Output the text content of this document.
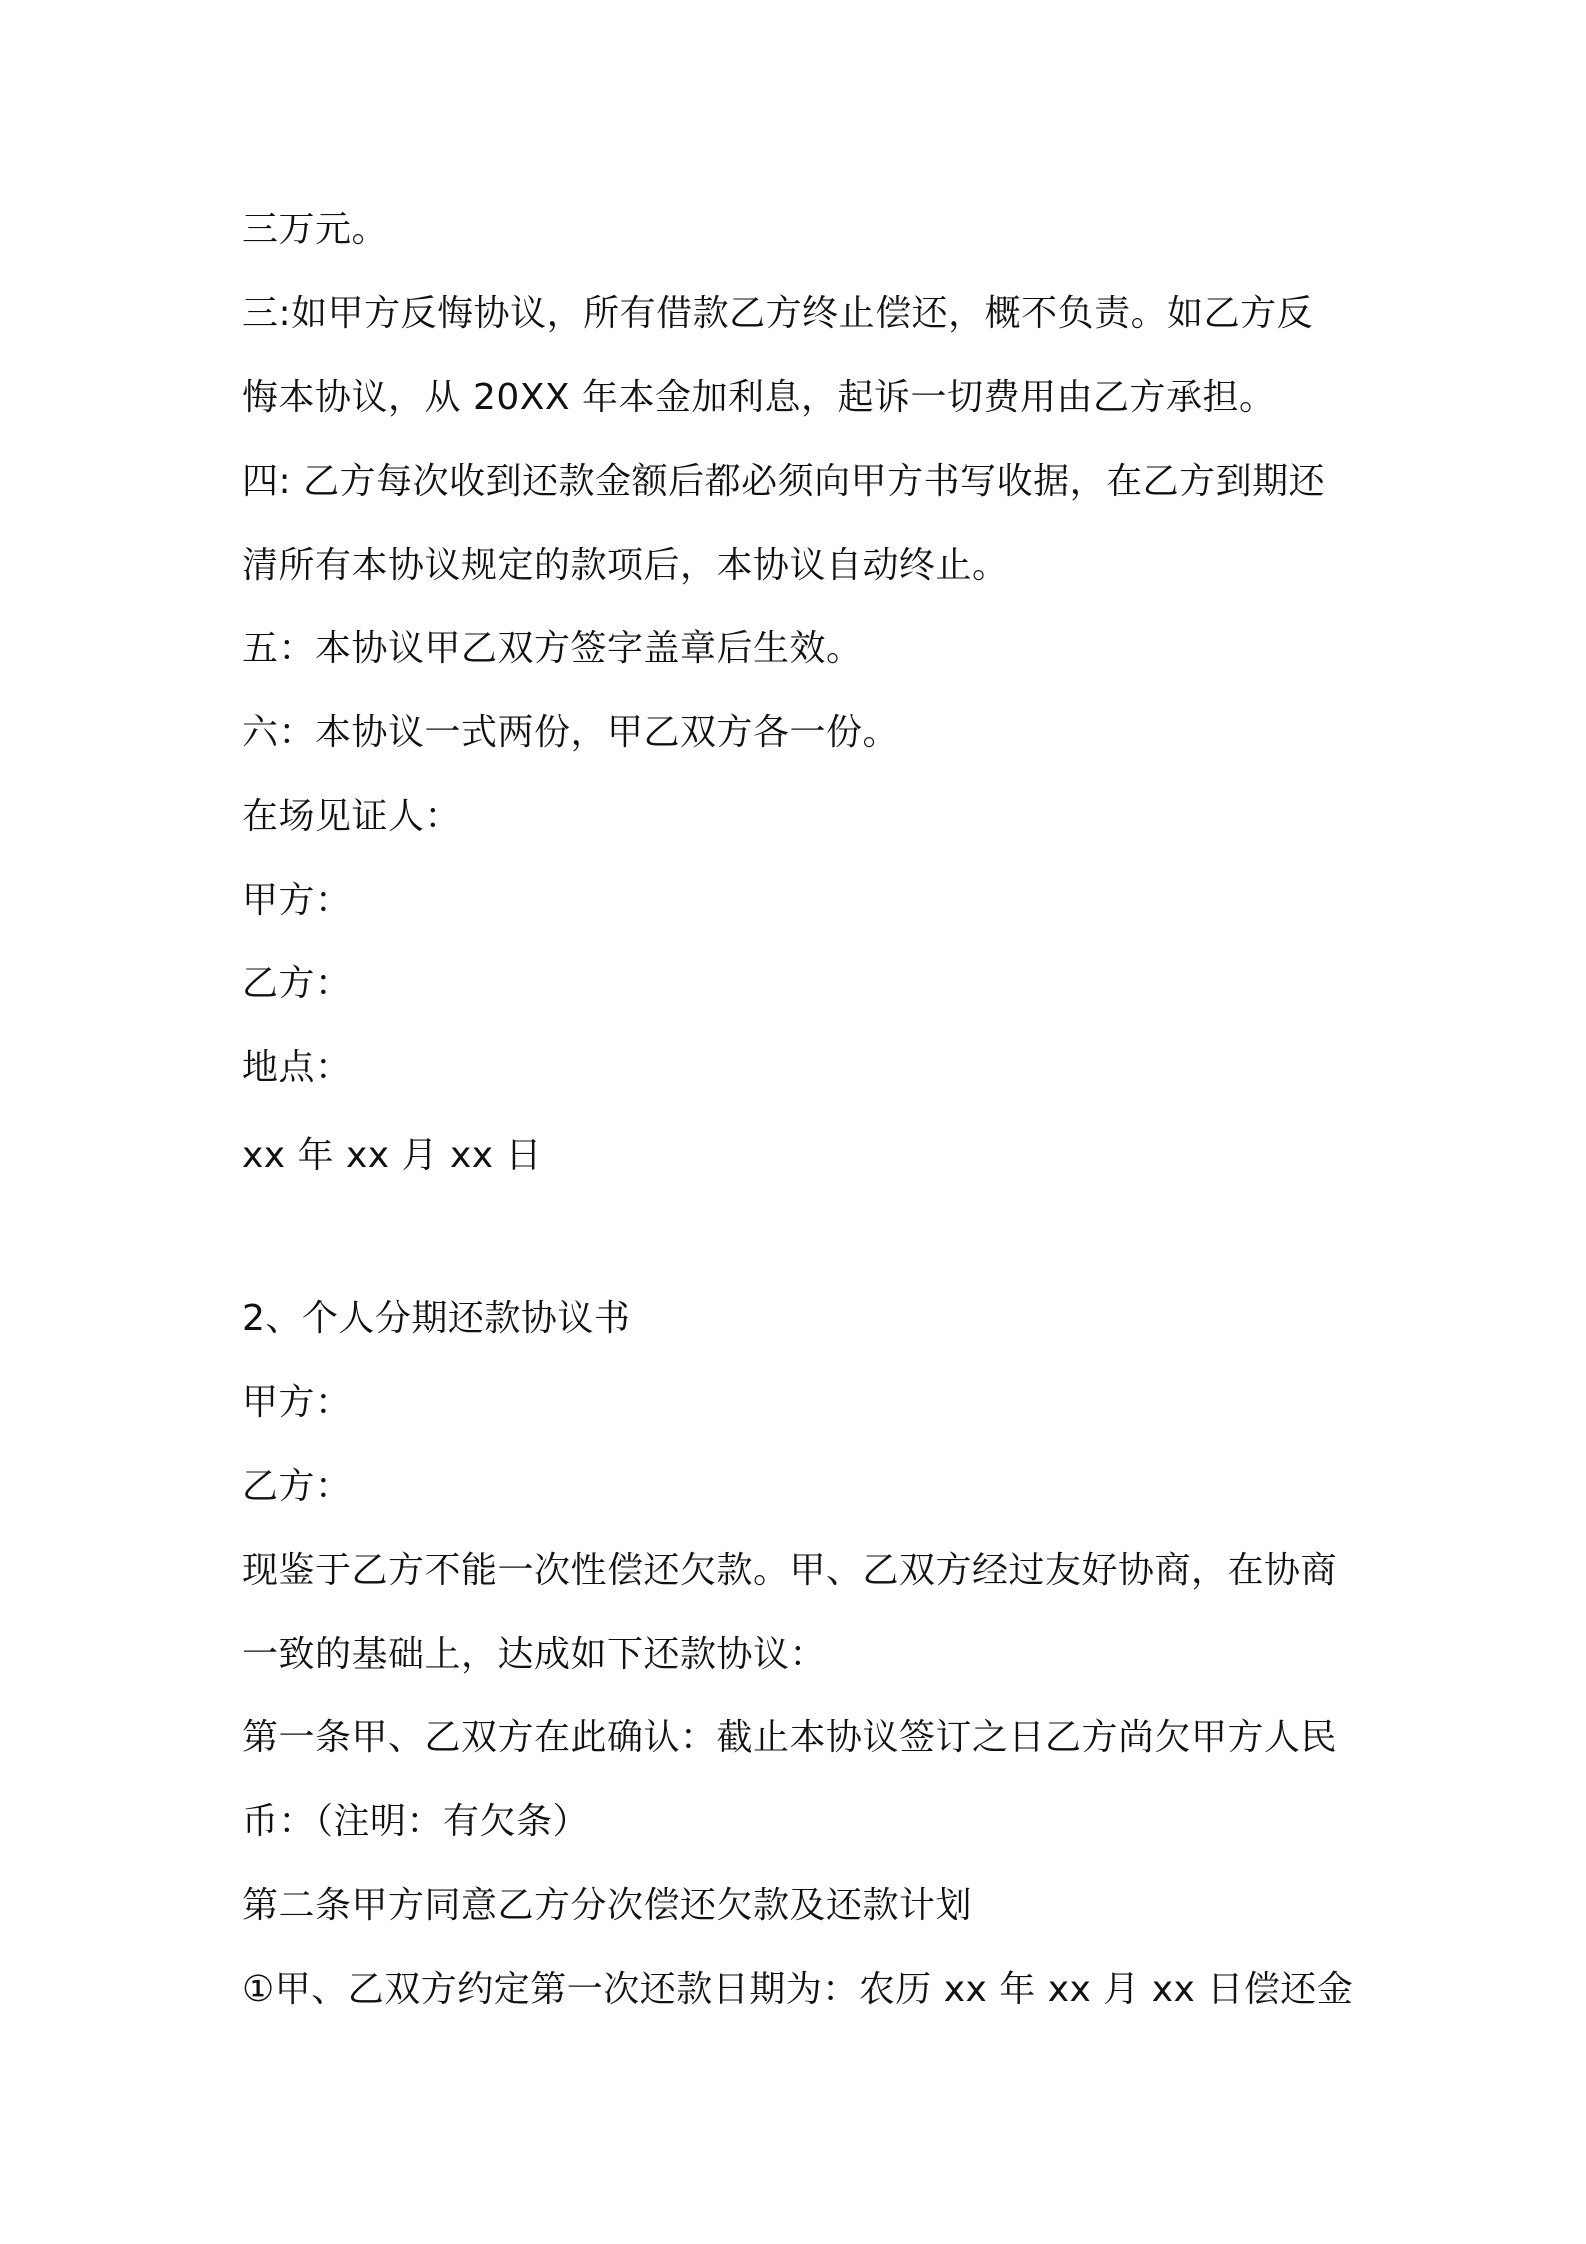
三万元。
三:如甲方反悔协议，所有借款乙方终止偿还，概不负责。如乙方反
悔本协议，从 20XX 年本金加利息，起诉一切费用由乙方承担。
四: 乙方每次收到还款金额后都必须向甲方书写收据，在乙方到期还
清所有本协议规定的款项后，本协议自动终止。
五：本协议甲乙双方签字盖章后生效。
六：本协议一式两份，甲乙双方各一份。
在场见证人：
甲方：
乙方：
地点：
xx 年 xx 月 xx 日
2、个人分期还款协议书
甲方：
乙方：
现鉴于乙方不能一次性偿还欠款。甲、乙双方经过友好协商，在协商
一致的基础上，达成如下还款协议：
第一条甲、乙双方在此确认：截止本协议签订之日乙方尚欠甲方人民
币：（注明：有欠条）
第二条甲方同意乙方分次偿还欠款及还款计划
①甲、乙双方约定第一次还款日期为：农历 xx 年 xx 月 xx 日偿还金
